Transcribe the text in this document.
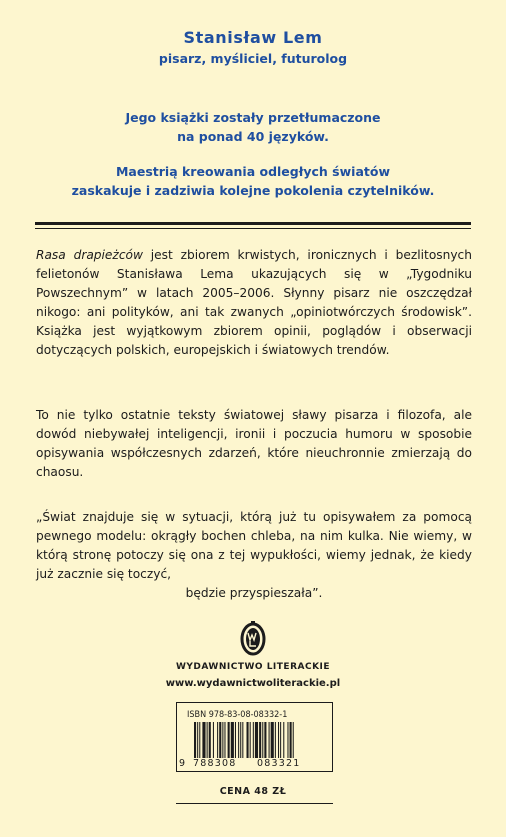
Stanisław Lem

pisarz, myśliciel, futurolog

Jego książki zostały przetłumaczone
na ponad 40 języków.
Maestrią kreowania odległych światów
zaskakuje i zadziwia kolejne pokolenia czytelników.
Rasa drapieżców jest zbiorem krwistych, ironicznych i bezlitosnych felietonów Stanisława Lema ukazujących się w „Tygodniku Powszechnym” w latach 2005–2006. Słynny pisarz nie oszczędzał nikogo: ani polityków, ani tak zwanych „opiniotwórczych środowisk”. Książka jest wyjątkowym zbiorem opinii, poglądów i obserwacji dotyczących polskich, europejskich i światowych trendów.
To nie tylko ostatnie teksty światowej sławy pisarza i filozofa, ale dowód niebywałej inteligencji, ironii i poczucia humoru w sposobie opisywania współczesnych zdarzeń, które nieuchronnie zmierzają do chaosu.
„Świat znajduje się w sytuacji, którą już tu opisywałem za pomocą pewnego modelu: okrągły bochen chleba, na nim kulka. Nie wiemy, w którą stronę potoczy się ona z tej wypukłości, wiemy jednak, że kiedy już zacznie się toczyć,
będzie przyspieszała”.
WYDAWNICTWO LITERACKIE
www.wydawnictwoliterackie.pl
ISBN 978-83-08-08332-1
9 788308 083321
CENA 48 ZŁ
